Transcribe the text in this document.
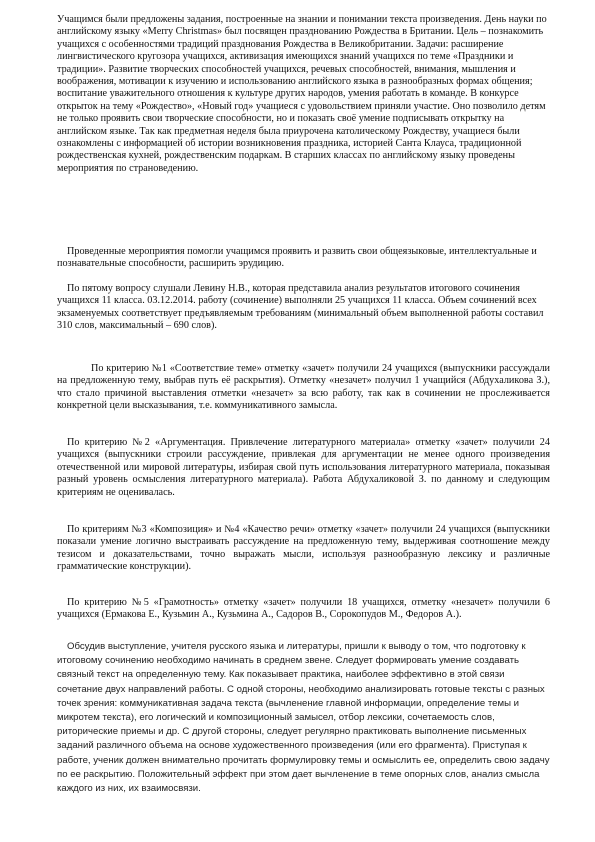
Учащимся были предложены задания, построенные на знании и понимании текста произведения. День науки по английскому языку «Merry Christmas» был посвящен празднованию Рождества в Британии. Цель – познакомить учащихся с особенностями традиций празднования Рождества в Великобритании. Задачи: расширение лингвистического кругозора учащихся, активизация имеющихся знаний учащихся по теме «Праздники и традиции». Развитие творческих способностей учащихся, речевых способностей, внимания, мышления и воображения, мотивации к изучению и использованию английского языка в разнообразных формах общения; воспитание уважительного отношения к культуре других народов, умения работать в команде. В конкурсе открыток на тему «Рождество», «Новый год» учащиеся с удовольствием приняли участие. Оно позволило детям не только проявить свои творческие способности, но и показать своё умение подписывать открытку на английском языке. Так как предметная неделя была приурочена католическому Рождеству, учащиеся были ознакомлены с информацией об истории возникновения праздника, историей Санта Клауса, традиционной рождественская кухней, рождественским подаркам. В старших классах по английскому языку проведены мероприятия по страноведению.

Проведенные мероприятия помогли учащимся проявить и развить свои общеязыковые, интеллектуальные и познавательные способности, расширить эрудицию.

По пятому вопросу слушали Левину Н.В., которая представила анализ результатов итогового сочинения учащихся 11 класса. 03.12.2014. работу (сочинение) выполняли 25 учащихся 11 класса. Объем сочинений всех экзаменуемых соответствует предъявляемым требованиям (минимальный объем выполненной работы составил 310 слов, максимальный – 690 слов).

По критерию №1 «Соответствие теме» отметку «зачет» получили 24 учащихся (выпускники рассуждали на предложенную тему, выбрав путь её раскрытия). Отметку «незачет» получил 1 учащийся (Абдухаликова З.), что стало причиной выставления отметки «незачет» за всю работу, так как в сочинении не прослеживается конкретной цели высказывания, т.е. коммуникативного замысла.

По критерию №2 «Аргументация. Привлечение литературного материала» отметку «зачет» получили 24 учащихся (выпускники строили рассуждение, привлекая для аргументации не менее одного произведения отечественной или мировой литературы, избирая свой путь использования литературного материала, показывая разный уровень осмысления литературного материала). Работа Абдухаликовой З. по данному и следующим критериям не оценивалась.

По критериям №3 «Композиция» и №4 «Качество речи» отметку «зачет» получили 24 учащихся (выпускники показали умение логично выстраивать рассуждение на предложенную тему, выдерживая соотношение между тезисом и доказательствами, точно выражать мысли, используя разнообразную лексику и различные грамматические конструкции).

По критерию №5 «Грамотность» отметку «зачет» получили 18 учащихся, отметку «незачет» получили 6 учащихся (Ермакова Е., Кузьмин А., Кузьмина А., Садоров В., Сорокопудов М., Федоров А.).

Обсудив выступление, учителя русского языка и литературы, пришли к выводу о том, что подготовку к итоговому сочинению необходимо начинать в среднем звене. Следует формировать умение создавать связный текст на определенную тему. Как показывает практика, наиболее эффективно в этой связи сочетание двух направлений работы. С одной стороны, необходимо анализировать готовые тексты с разных точек зрения: коммуникативная задача текста (вычленение главной информации, определение темы и микротем текста), его логический и композиционный замысел, отбор лексики, сочетаемость слов, риторические приемы и др. С другой стороны, следует регулярно практиковать выполнение письменных заданий различного объема на основе художественного произведения (или его фрагмента). Приступая к работе, ученик должен внимательно прочитать формулировку темы и осмыслить ее, определить свою задачу по ее раскрытию. Положительный эффект при этом дает вычленение в теме опорных слов, анализ смысла каждого из них, их взаимосвязи.
